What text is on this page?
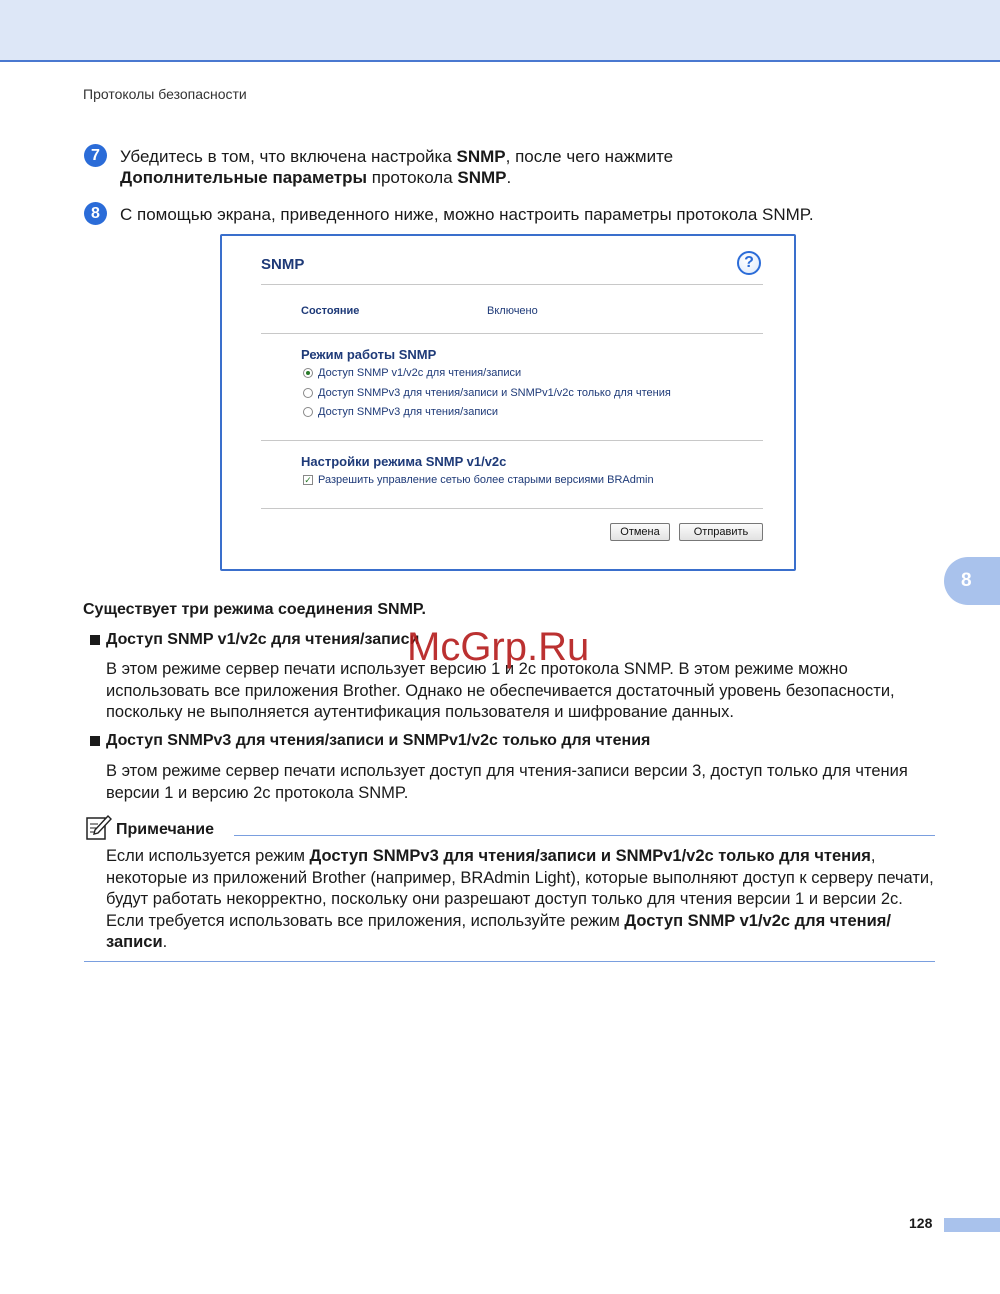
Протоколы безопасности
7	Убедитесь в том, что включена настройка SNMP, после чего нажмите
Дополнительные параметры протокола SNMP.
8	С помощью экрана, приведенного ниже, можно настроить параметры протокола SNMP.
SNMP	?
Состояние	Включено
Режим работы SNMP
Доступ SNMP v1/v2c для чтения/записи
Доступ SNMPv3 для чтения/записи и SNMPv1/v2c только для чтения
Доступ SNMPv3 для чтения/записи
Настройки режима SNMP v1/v2c
✓ Разрешить управление сетью более старыми версиями BRAdmin
Отмена	Отправить
8
Существует три режима соединения SNMP.
Доступ SNMP v1/v2c для чтения/записи
В этом режиме сервер печати использует версию 1 и 2с протокола SNMP. В этом режиме можно использовать все приложения Brother. Однако не обеспечивается достаточный уровень безопасности, поскольку не выполняется аутентификация пользователя и шифрование данных.
Доступ SNMPv3 для чтения/записи и SNMPv1/v2c только для чтения
В этом режиме сервер печати использует доступ для чтения-записи версии 3, доступ только для чтения версии 1 и версию 2с протокола SNMP.
Примечание
Если используется режим Доступ SNMPv3 для чтения/записи и SNMPv1/v2c только для чтения, некоторые из приложений Brother (например, BRAdmin Light), которые выполняют доступ к серверу печати, будут работать некорректно, поскольку они разрешают доступ только для чтения версии 1 и версии 2с. Если требуется использовать все приложения, используйте режим Доступ SNMP v1/v2c для чтения/записи.
McGrp.Ru
128
